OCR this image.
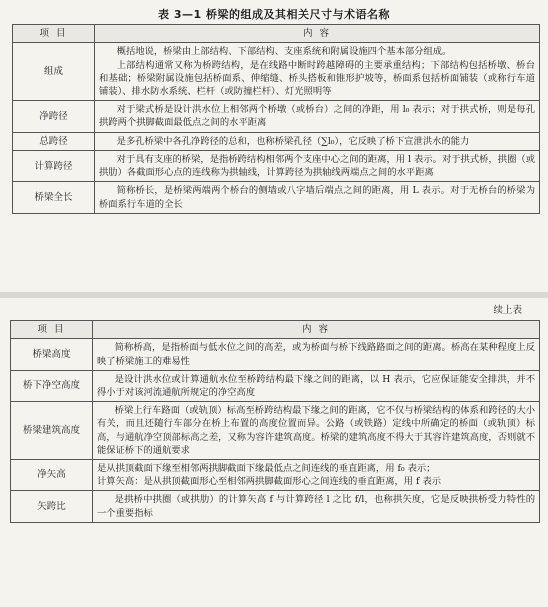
表 3—1 桥梁的组成及其相关尺寸与术语名称
项 目	内 容
组成	概括地说，桥梁由上部结构、下部结构、支座系统和附属设施四个基本部分组成。

上部结构通常又称为桥跨结构，是在线路中断时跨越障碍的主要承重结构；下部结构包括桥墩、桥台和基础；桥梁附属设施包括桥面系、伸缩缝、桥头搭板和锥形护坡等，桥面系包括桥面铺装（或称行车道铺装）、排水防水系统、栏杆（或防撞栏杆）、灯光照明等

净跨径	对于梁式桥是设计洪水位上相邻两个桥墩（或桥台）之间的净距，用 l₀ 表示；对于拱式桥，则是每孔拱跨两个拱脚截面最低点之间的水平距离

总跨径	是多孔桥梁中各孔净跨径的总和，也称桥梁孔径（∑l₀），它反映了桥下宣泄洪水的能力

计算跨径	对于具有支座的桥梁，是指桥跨结构相邻两个支座中心之间的距离，用 l 表示。对于拱式桥，拱圈（或拱肋）各截面形心点的连线称为拱轴线，计算跨径为拱轴线两端点之间的水平距离

桥梁全长	简称桥长，是桥梁两端两个桥台的侧墙或八字墙后端点之间的距离，用 L 表示。对于无桥台的桥梁为桥面系行车道的全长

续上表
项 目	内 容
桥梁高度	简称桥高，是指桥面与低水位之间的高差，或为桥面与桥下线路路面之间的距离。桥高在某种程度上反映了桥梁施工的难易性

桥下净空高度	是设计洪水位或计算通航水位至桥跨结构最下缘之间的距离，以 H 表示，它应保证能安全排洪，并不得小于对该河流通航所规定的净空高度

桥梁建筑高度	桥梁上行车路面（或轨顶）标高至桥跨结构最下缘之间的距离，它不仅与桥梁结构的体系和跨径的大小有关，而且还随行车部分在桥上布置的高度位置而异。公路（或铁路）定线中所确定的桥面（或轨顶）标高，与通航净空顶部标高之差，又称为容许建筑高度。桥梁的建筑高度不得大于其容许建筑高度，否则就不能保证桥下的通航要求

净矢高	是从拱顶截面下缘至相邻两拱脚截面下缘最低点之间连线的垂直距离，用 f₀ 表示；

计算矢高：是从拱顶截面形心至相邻两拱脚截面形心之间连线的垂直距离，用 f 表示

矢跨比	是拱桥中拱圈（或拱肋）的计算矢高 f 与计算跨径 l 之比 f/l，也称拱矢度，它是反映拱桥受力特性的一个重要指标
